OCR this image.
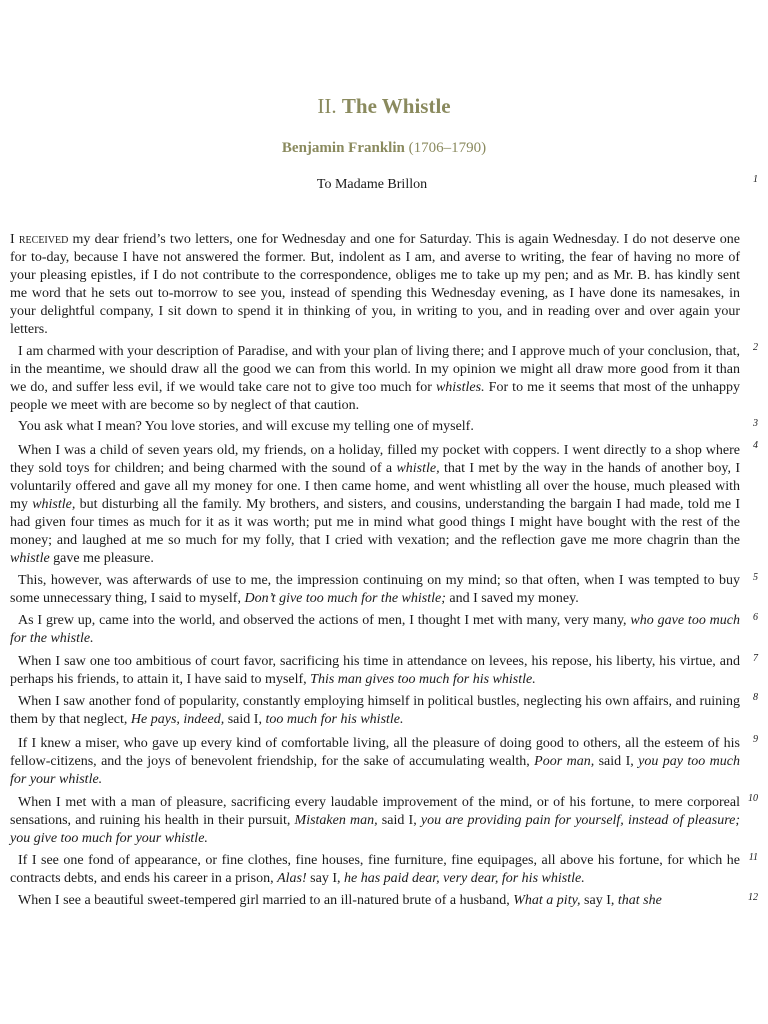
II. The Whistle
Benjamin Franklin (1706–1790)
To Madame Brillon	1
I received my dear friend’s two letters, one for Wednesday and one for Saturday. This is again Wednesday. I do not deserve one for to-day, because I have not answered the former. But, indolent as I am, and averse to writing, the fear of having no more of your pleasing epistles, if I do not contribute to the correspondence, obliges me to take up my pen; and as Mr. B. has kindly sent me word that he sets out to-morrow to see you, instead of spending this Wednesday evening, as I have done its namesakes, in your delightful company, I sit down to spend it in thinking of you, in writing to you, and in reading over and over again your letters.
2
I am charmed with your description of Paradise, and with your plan of living there; and I approve much of your conclusion, that, in the meantime, we should draw all the good we can from this world. In my opinion we might all draw more good from it than we do, and suffer less evil, if we would take care not to give too much for whistles. For to me it seems that most of the unhappy people we meet with are become so by neglect of that caution.
3
You ask what I mean? You love stories, and will excuse my telling one of myself.
4
When I was a child of seven years old, my friends, on a holiday, filled my pocket with coppers. I went directly to a shop where they sold toys for children; and being charmed with the sound of a whistle, that I met by the way in the hands of another boy, I voluntarily offered and gave all my money for one. I then came home, and went whistling all over the house, much pleased with my whistle, but disturbing all the family. My brothers, and sisters, and cousins, understanding the bargain I had made, told me I had given four times as much for it as it was worth; put me in mind what good things I might have bought with the rest of the money; and laughed at me so much for my folly, that I cried with vexation; and the reflection gave me more chagrin than the whistle gave me pleasure.
5
This, however, was afterwards of use to me, the impression continuing on my mind; so that often, when I was tempted to buy some unnecessary thing, I said to myself, Don’t give too much for the whistle; and I saved my money.
6
As I grew up, came into the world, and observed the actions of men, I thought I met with many, very many, who gave too much for the whistle.
7
When I saw one too ambitious of court favor, sacrificing his time in attendance on levees, his repose, his liberty, his virtue, and perhaps his friends, to attain it, I have said to myself, This man gives too much for his whistle.
8
When I saw another fond of popularity, constantly employing himself in political bustles, neglecting his own affairs, and ruining them by that neglect, He pays, indeed, said I, too much for his whistle.
9
If I knew a miser, who gave up every kind of comfortable living, all the pleasure of doing good to others, all the esteem of his fellow-citizens, and the joys of benevolent friendship, for the sake of accumulating wealth, Poor man, said I, you pay too much for your whistle.
10
When I met with a man of pleasure, sacrificing every laudable improvement of the mind, or of his fortune, to mere corporeal sensations, and ruining his health in their pursuit, Mistaken man, said I, you are providing pain for yourself, instead of pleasure; you give too much for your whistle.
11
If I see one fond of appearance, or fine clothes, fine houses, fine furniture, fine equipages, all above his fortune, for which he contracts debts, and ends his career in a prison, Alas! say I, he has paid dear, very dear, for his whistle.
12
When I see a beautiful sweet-tempered girl married to an ill-natured brute of a husband, What a pity, say I, that she
